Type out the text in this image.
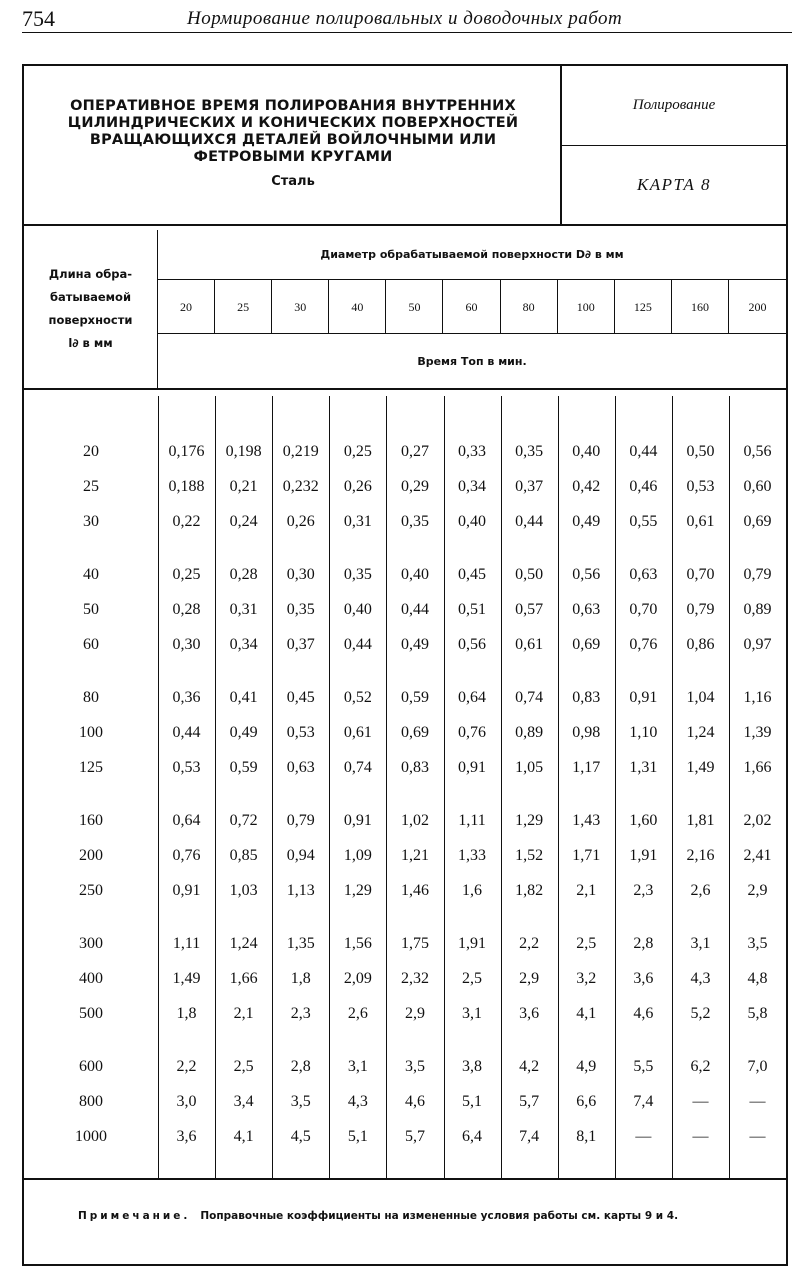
754	Нормирование полировальных и доводочных работ
ОПЕРАТИВНОЕ ВРЕМЯ ПОЛИРОВАНИЯ ВНУТРЕННИХ
ЦИЛИНДРИЧЕСКИХ И КОНИЧЕСКИХ ПОВЕРХНОСТЕЙ
ВРАЩАЮЩИХСЯ ДЕТАЛЕЙ ВОЙЛОЧНЫМИ ИЛИ
ФЕТРОВЫМИ КРУГАМИ
Сталь
Полирование
КАРТА 8
Длина обра-
батываемой
поверхности
l∂ в мм
Диаметр обрабатываемой поверхности D∂ в мм
20	25	30	40	50	60	80	100	125	160	200
Время Tоп в мин.
20	0,176	0,198	0,219	0,25	0,27	0,33	0,35	0,40	0,44	0,50	0,56
25	0,188	0,21	0,232	0,26	0,29	0,34	0,37	0,42	0,46	0,53	0,60
30	0,22	0,24	0,26	0,31	0,35	0,40	0,44	0,49	0,55	0,61	0,69
40	0,25	0,28	0,30	0,35	0,40	0,45	0,50	0,56	0,63	0,70	0,79
50	0,28	0,31	0,35	0,40	0,44	0,51	0,57	0,63	0,70	0,79	0,89
60	0,30	0,34	0,37	0,44	0,49	0,56	0,61	0,69	0,76	0,86	0,97
80	0,36	0,41	0,45	0,52	0,59	0,64	0,74	0,83	0,91	1,04	1,16
100	0,44	0,49	0,53	0,61	0,69	0,76	0,89	0,98	1,10	1,24	1,39
125	0,53	0,59	0,63	0,74	0,83	0,91	1,05	1,17	1,31	1,49	1,66
160	0,64	0,72	0,79	0,91	1,02	1,11	1,29	1,43	1,60	1,81	2,02
200	0,76	0,85	0,94	1,09	1,21	1,33	1,52	1,71	1,91	2,16	2,41
250	0,91	1,03	1,13	1,29	1,46	1,6	1,82	2,1	2,3	2,6	2,9
300	1,11	1,24	1,35	1,56	1,75	1,91	2,2	2,5	2,8	3,1	3,5
400	1,49	1,66	1,8	2,09	2,32	2,5	2,9	3,2	3,6	4,3	4,8
500	1,8	2,1	2,3	2,6	2,9	3,1	3,6	4,1	4,6	5,2	5,8
600	2,2	2,5	2,8	3,1	3,5	3,8	4,2	4,9	5,5	6,2	7,0
800	3,0	3,4	3,5	4,3	4,6	5,1	5,7	6,6	7,4	—	—
1000	3,6	4,1	4,5	5,1	5,7	6,4	7,4	8,1	—	—	—
Примечание. Поправочные коэффициенты на измененные условия работы см. карты 9 и 4.
